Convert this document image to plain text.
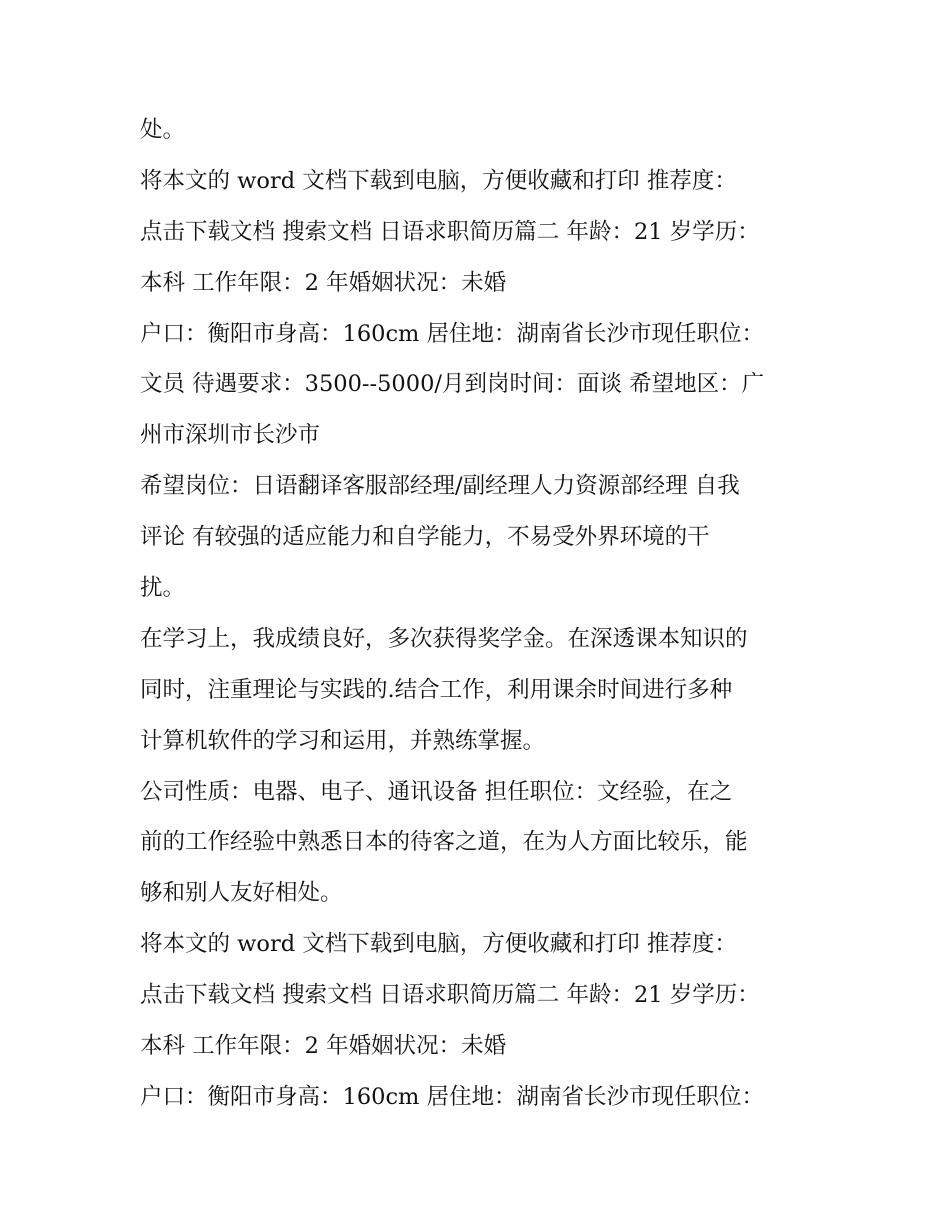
处。
将本文的 word 文档下载到电脑，方便收藏和打印 推荐度：
点击下载文档 搜索文档 日语求职简历篇二 年龄：21 岁学历：
本科 工作年限：2 年婚姻状况：未婚
户口：衡阳市身高：160cm 居住地：湖南省长沙市现任职位：
文员 待遇要求：3500--5000/月到岗时间：面谈 希望地区：广
州市深圳市长沙市
希望岗位：日语翻译客服部经理/副经理人力资源部经理 自我
评论 有较强的适应能力和自学能力，不易受外界环境的干
扰。
在学习上，我成绩良好，多次获得奖学金。在深透课本知识的
同时，注重理论与实践的.结合工作，利用课余时间进行多种
计算机软件的学习和运用，并熟练掌握。
公司性质：电器、电子、通讯设备 担任职位：文经验，在之
前的工作经验中熟悉日本的待客之道，在为人方面比较乐，能
够和别人友好相处。
将本文的 word 文档下载到电脑，方便收藏和打印 推荐度：
点击下载文档 搜索文档 日语求职简历篇二 年龄：21 岁学历：
本科 工作年限：2 年婚姻状况：未婚
户口：衡阳市身高：160cm 居住地：湖南省长沙市现任职位：
